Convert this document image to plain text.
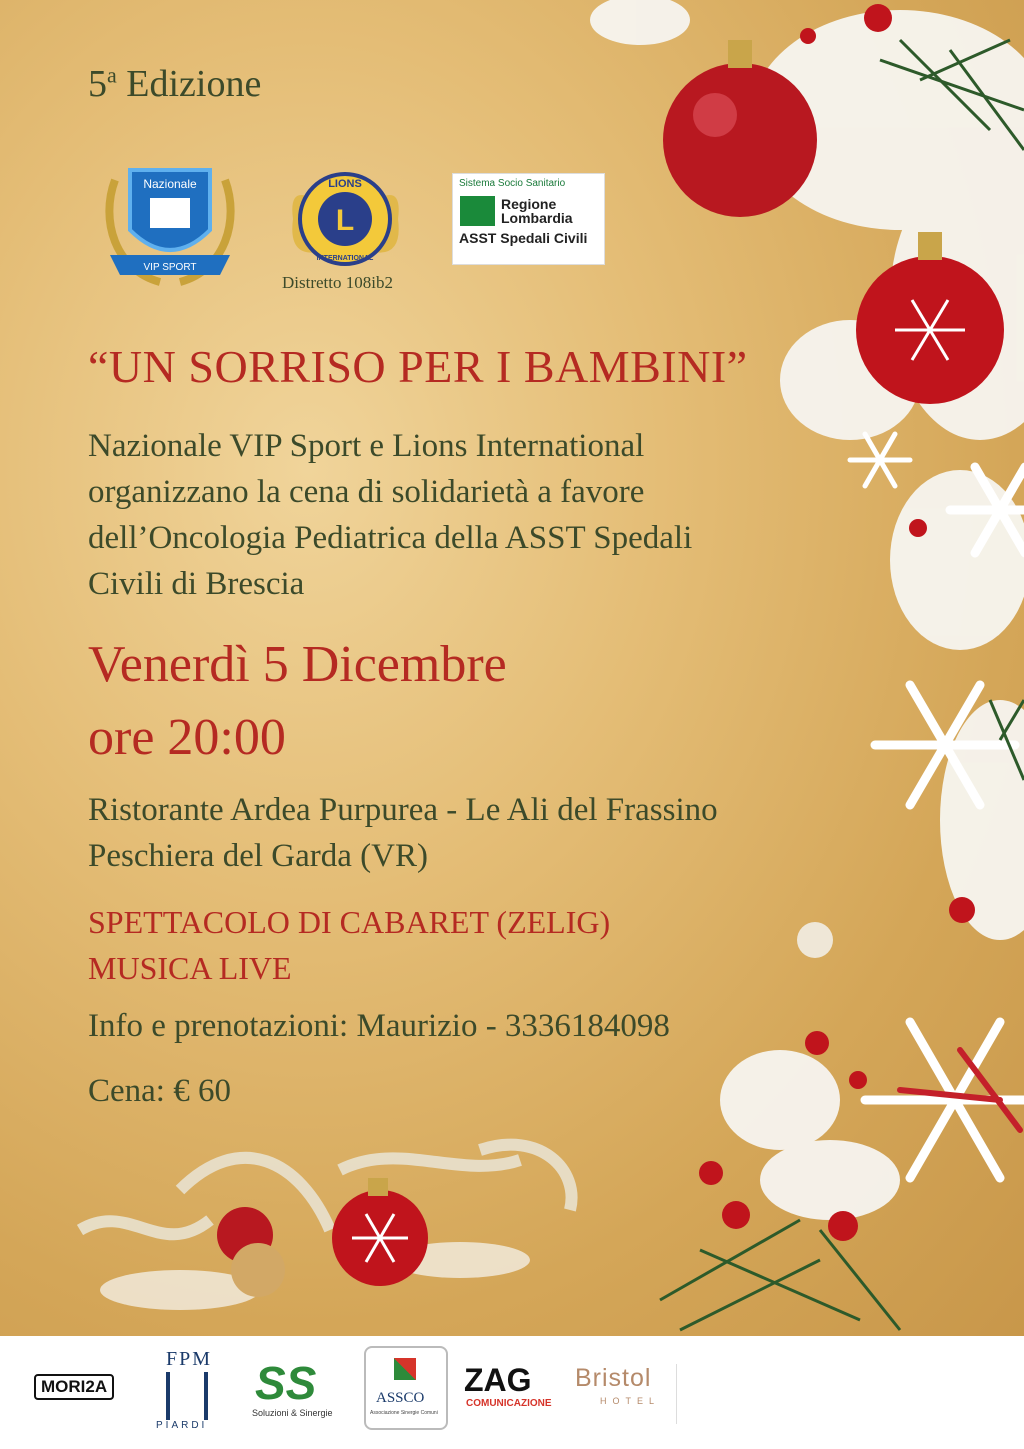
5$^a$ Edizione
Nazionale
VIP SPORT
L
LIONS
INTERNATIONAL
Distretto 108ib2
Sistema Socio Sanitario
Regione
Lombardia
ASST Spedali Civili
“UN SORRISO PER I BAMBINI”
Nazionale VIP Sport e Lions International
organizzano la cena di solidarietà a favore
dell’Oncologia Pediatrica della ASST Spedali
Civili di Brescia
Venerdì 5 Dicembre
ore 20:00
Ristorante Ardea Purpurea - Le Ali del Frassino
Peschiera del Garda (VR)
SPETTACOLO DI CABARET (ZELIG)
MUSICA LIVE
Info e prenotazioni: Maurizio - 3336184098
Cena: € 60
MORI2A
FPM
PIARDI
SS
Soluzioni & Sinergie
ASSCO
Associazione Sinergie Comuni
ZAG
COMUNICAZIONE
Bristol
HOTEL
